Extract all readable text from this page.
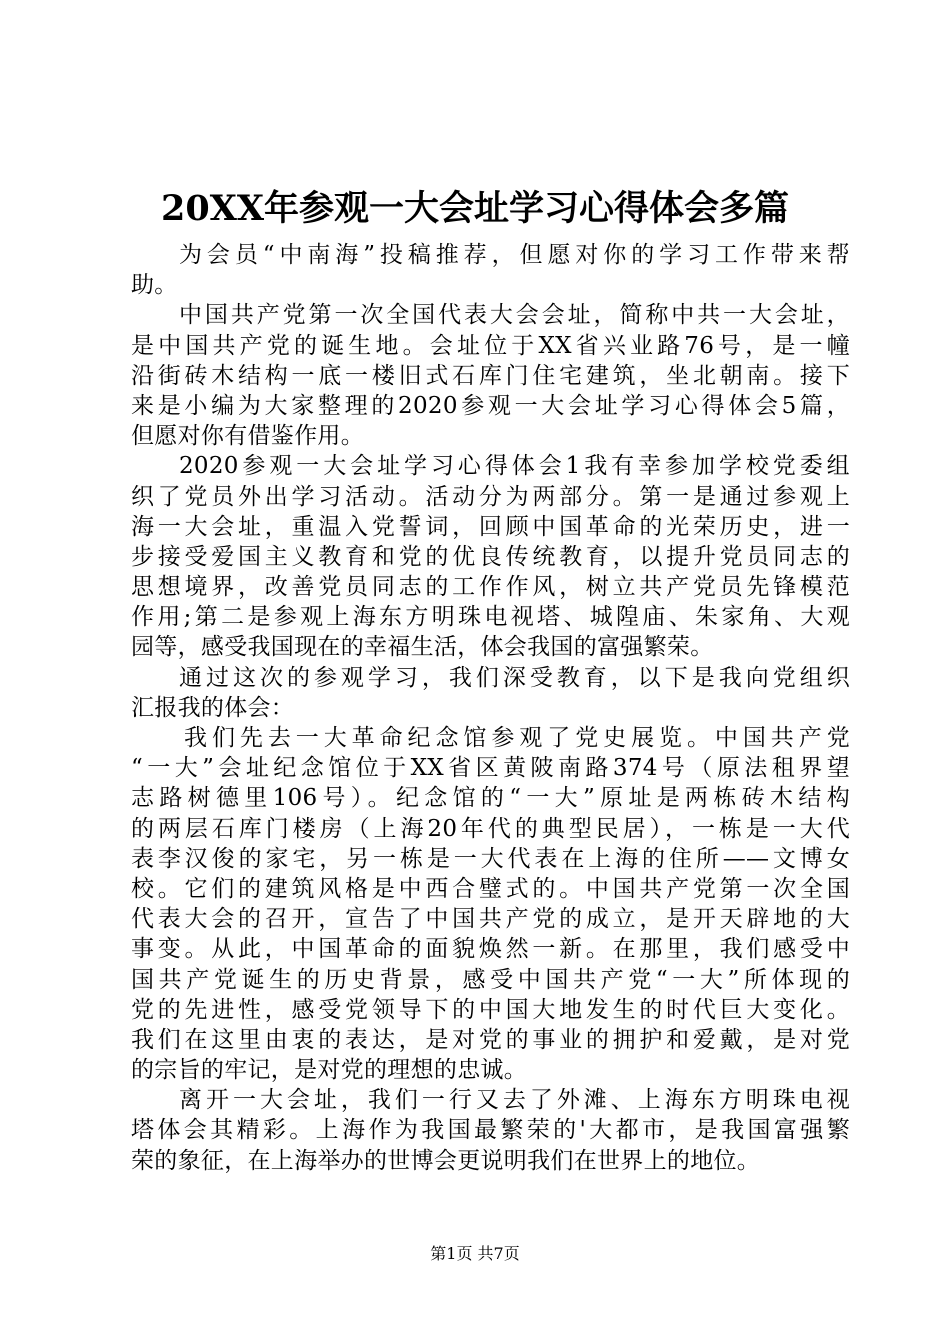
20XX年参观一大会址学习心得体会多篇
为会员“中南海”投稿推荐，但愿对你的学习工作带来帮
助。
中国共产党第一次全国代表大会会址，简称中共一大会址，
是中国共产党的诞生地。会址位于XX省兴业路76号，是一幢
沿街砖木结构一底一楼旧式石库门住宅建筑，坐北朝南。接下
来是小编为大家整理的2020参观一大会址学习心得体会5篇，
但愿对你有借鉴作用。
2020参观一大会址学习心得体会1我有幸参加学校党委组
织了党员外出学习活动。活动分为两部分。第一是通过参观上
海一大会址，重温入党誓词，回顾中国革命的光荣历史，进一
步接受爱国主义教育和党的优良传统教育，以提升党员同志的
思想境界，改善党员同志的工作作风，树立共产党员先锋模范
作用;第二是参观上海东方明珠电视塔、城隍庙、朱家角、大观
园等，感受我国现在的幸福生活，体会我国的富强繁荣。
通过这次的参观学习，我们深受教育，以下是我向党组织
汇报我的体会：
我们先去一大革命纪念馆参观了党史展览。中国共产党
“一大”会址纪念馆位于XX省区黄陂南路374号（原法租界望
志路树德里106号）。纪念馆的“一大”原址是两栋砖木结构
的两层石库门楼房（上海20年代的典型民居），一栋是一大代
表李汉俊的家宅，另一栋是一大代表在上海的住所——文博女
校。它们的建筑风格是中西合璧式的。中国共产党第一次全国
代表大会的召开，宣告了中国共产党的成立，是开天辟地的大
事变。从此，中国革命的面貌焕然一新。在那里，我们感受中
国共产党诞生的历史背景，感受中国共产党“一大”所体现的
党的先进性，感受党领导下的中国大地发生的时代巨大变化。
我们在这里由衷的表达，是对党的事业的拥护和爱戴，是对党
的宗旨的牢记，是对党的理想的忠诚。
离开一大会址，我们一行又去了外滩、上海东方明珠电视
塔体会其精彩。上海作为我国最繁荣的'大都市，是我国富强繁
荣的象征，在上海举办的世博会更说明我们在世界上的地位。
第1页 共7页
